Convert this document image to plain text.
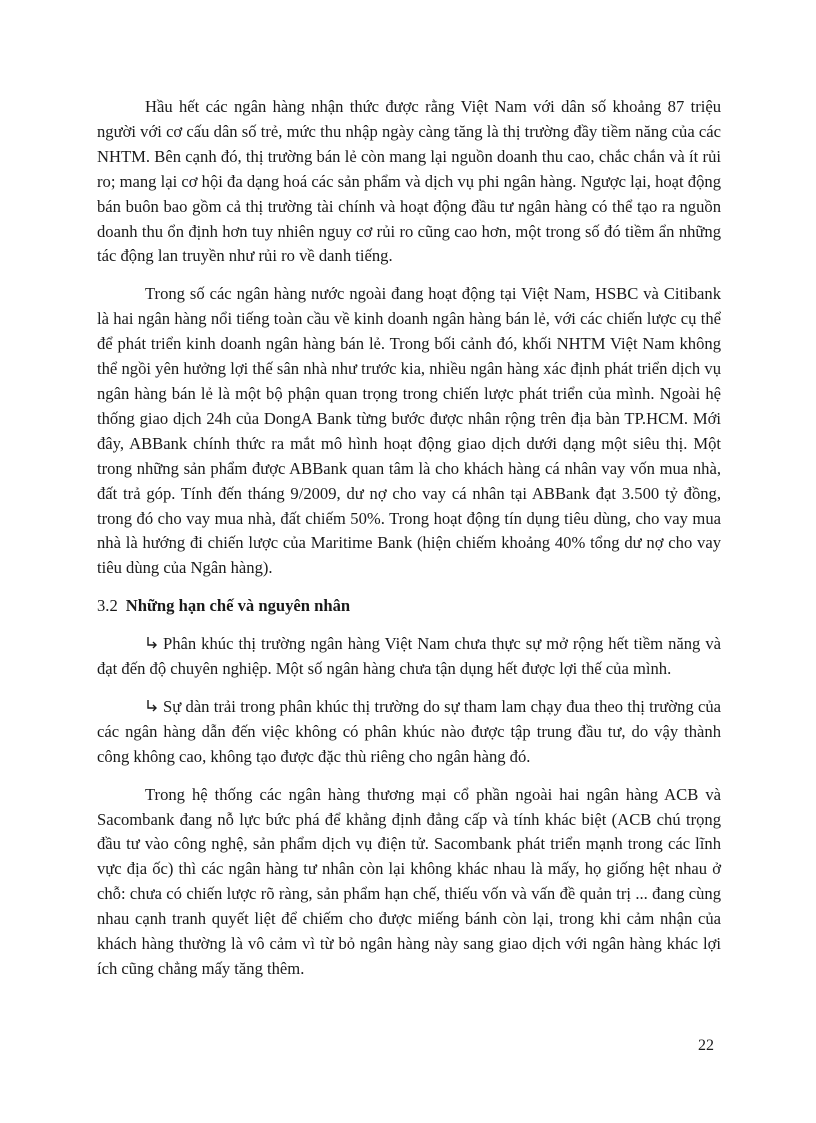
Hầu hết các ngân hàng nhận thức được rằng Việt Nam với dân số khoảng 87 triệu người với cơ cấu dân số trẻ, mức thu nhập ngày càng tăng là thị trường đầy tiềm năng của các NHTM. Bên cạnh đó, thị trường bán lẻ còn mang lại nguồn doanh thu cao, chắc chắn và ít rủi ro; mang lại cơ hội đa dạng hoá các sản phẩm và dịch vụ phi ngân hàng. Ngược lại, hoạt động bán buôn bao gồm cả thị trường tài chính và hoạt động đầu tư ngân hàng có thể tạo ra nguồn doanh thu ổn định hơn tuy nhiên nguy cơ rủi ro cũng cao hơn, một trong số đó tiềm ẩn những tác động lan truyền như rủi ro về danh tiếng.

Trong số các ngân hàng nước ngoài đang hoạt động tại Việt Nam, HSBC và Citibank là hai ngân hàng nổi tiếng toàn cầu về kinh doanh ngân hàng bán lẻ, với các chiến lược cụ thể để phát triển kinh doanh ngân hàng bán lẻ. Trong bối cảnh đó, khối NHTM Việt Nam không thể ngồi yên hưởng lợi thế sân nhà như trước kia, nhiều ngân hàng xác định phát triển dịch vụ ngân hàng bán lẻ là một bộ phận quan trọng trong chiến lược phát triển của mình. Ngoài hệ thống giao dịch 24h của DongA Bank từng bước được nhân rộng trên địa bàn TP.HCM. Mới đây, ABBank chính thức ra mắt mô hình hoạt động giao dịch dưới dạng một siêu thị. Một trong những sản phẩm được ABBank quan tâm là cho khách hàng cá nhân vay vốn mua nhà, đất trả góp. Tính đến tháng 9/2009, dư nợ cho vay cá nhân tại ABBank đạt 3.500 tỷ đồng, trong đó cho vay mua nhà, đất chiếm 50%. Trong hoạt động tín dụng tiêu dùng, cho vay mua nhà là hướng đi chiến lược của Maritime Bank (hiện chiếm khoảng 40% tổng dư nợ cho vay tiêu dùng của Ngân hàng).

3.2 Những hạn chế và nguyên nhân

Phân khúc thị trường ngân hàng Việt Nam chưa thực sự mở rộng hết tiềm năng và đạt đến độ chuyên nghiệp. Một số ngân hàng chưa tận dụng hết được lợi thế của mình.

Sự dàn trải trong phân khúc thị trường do sự tham lam chạy đua theo thị trường của các ngân hàng dẫn đến việc không có phân khúc nào được tập trung đầu tư, do vậy thành công không cao, không tạo được đặc thù riêng cho ngân hàng đó.

Trong hệ thống các ngân hàng thương mại cổ phần ngoài hai ngân hàng ACB và Sacombank đang nỗ lực bức phá để khẳng định đẳng cấp và tính khác biệt (ACB chú trọng đầu tư vào công nghệ, sản phẩm dịch vụ điện tử. Sacombank phát triển mạnh trong các lĩnh vực địa ốc) thì các ngân hàng tư nhân còn lại không khác nhau là mấy, họ giống hệt nhau ở chỗ: chưa có chiến lược rõ ràng, sản phẩm hạn chế, thiếu vốn và vấn đề quản trị ... đang cùng nhau cạnh tranh quyết liệt để chiếm cho được miếng bánh còn lại, trong khi cảm nhận của khách hàng thường là vô cảm vì từ bỏ ngân hàng này sang giao dịch với ngân hàng khác lợi ích cũng chẳng mấy tăng thêm.

22
